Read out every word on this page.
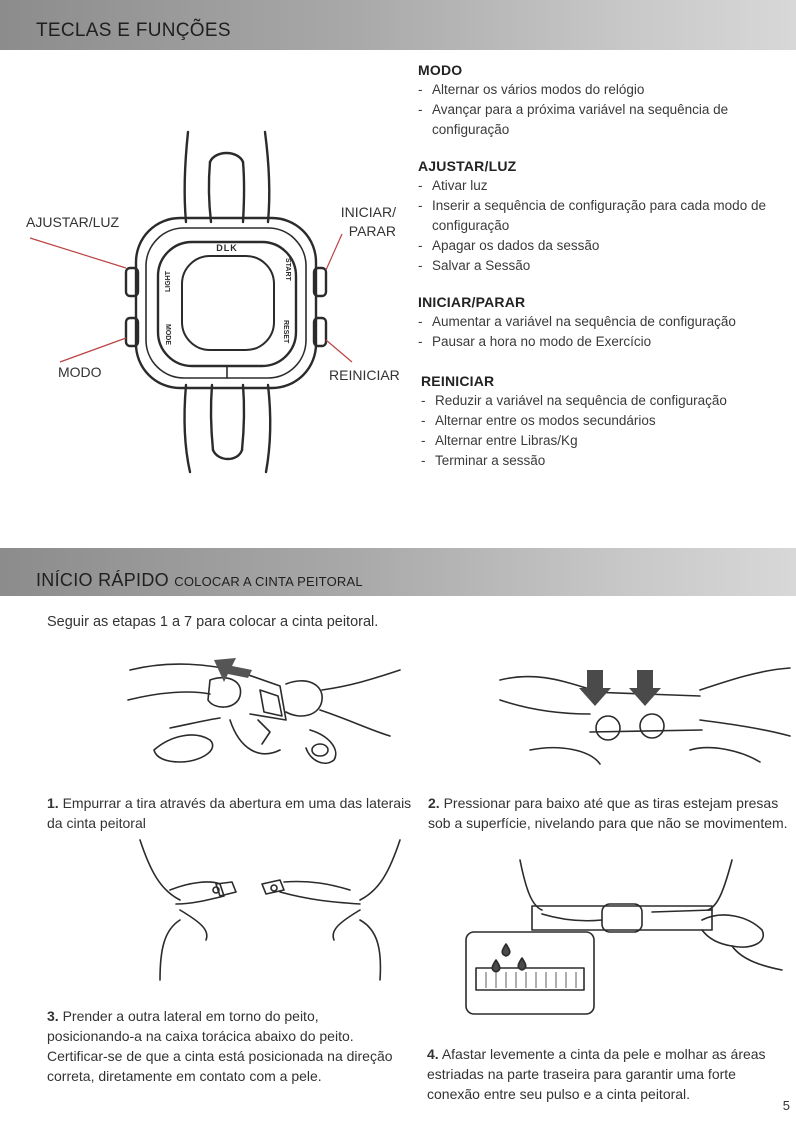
TECLAS E FUNÇÕES
DLK
LIGHT
MODE
START
RESET
AJUSTAR/LUZ
INICIAR/
PARAR
MODO	REINICIAR
MODO
- Alternar os vários modos do relógio
- Avançar para a próxima variável na sequência de configuração
AJUSTAR/LUZ
- Ativar luz
- Inserir a sequência de configuração para cada modo de configuração
- Apagar os dados da sessão
- Salvar a Sessão
INICIAR/PARAR
- Aumentar a variável na sequência de configuração
- Pausar a hora no modo de Exercício
REINICIAR
- Reduzir a variável na sequência de configuração
- Alternar entre os modos secundários
- Alternar entre Libras/Kg
- Terminar a sessão
INÍCIO RÁPIDO COLOCAR A CINTA PEITORAL
Seguir as etapas 1 a 7 para colocar a cinta peitoral.
1. Empurrar a tira através da abertura em uma das laterais da cinta peitoral
2. Pressionar para baixo até que as tiras estejam presas sob a superfície, nivelando para que não se movimentem.
3. Prender a outra lateral em torno do peito, posicionando-a na caixa torácica abaixo do peito. Certificar-se de que a cinta está posicionada na direção correta, diretamente em contato com a pele.
4. Afastar levemente a cinta da pele e molhar as áreas estriadas na parte traseira para garantir uma forte conexão entre seu pulso e a cinta peitoral.
5
